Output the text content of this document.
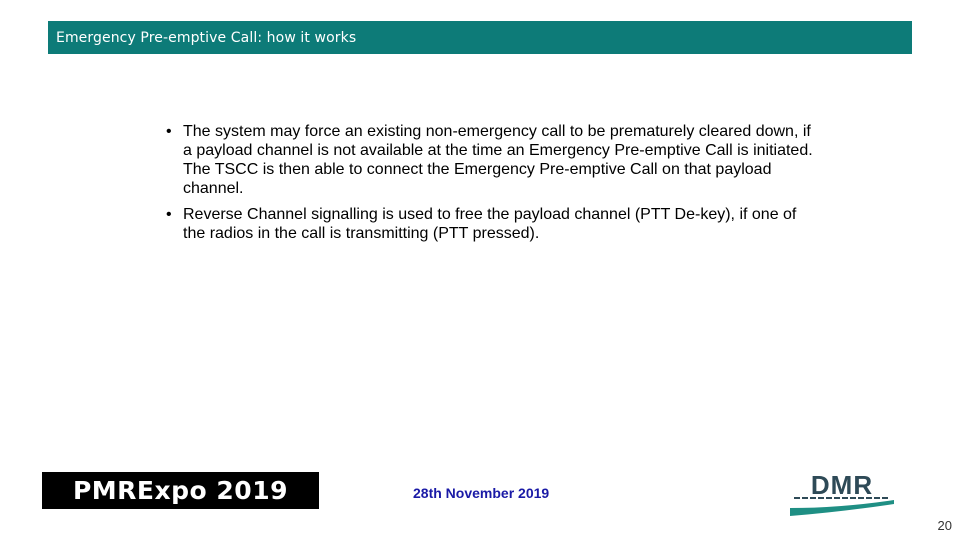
Emergency Pre-emptive Call: how it works
• The system may force an existing non-emergency call to be prematurely cleared down, if a payload channel is not available at the time an Emergency Pre-emptive Call is initiated. The TSCC is then able to connect the Emergency Pre-emptive Call on that payload channel.
• Reverse Channel signalling is used to free the payload channel (PTT De-key), if one of the radios in the call is transmitting (PTT pressed).
PMRExpo 2019	28th November 2019	DMR
20
